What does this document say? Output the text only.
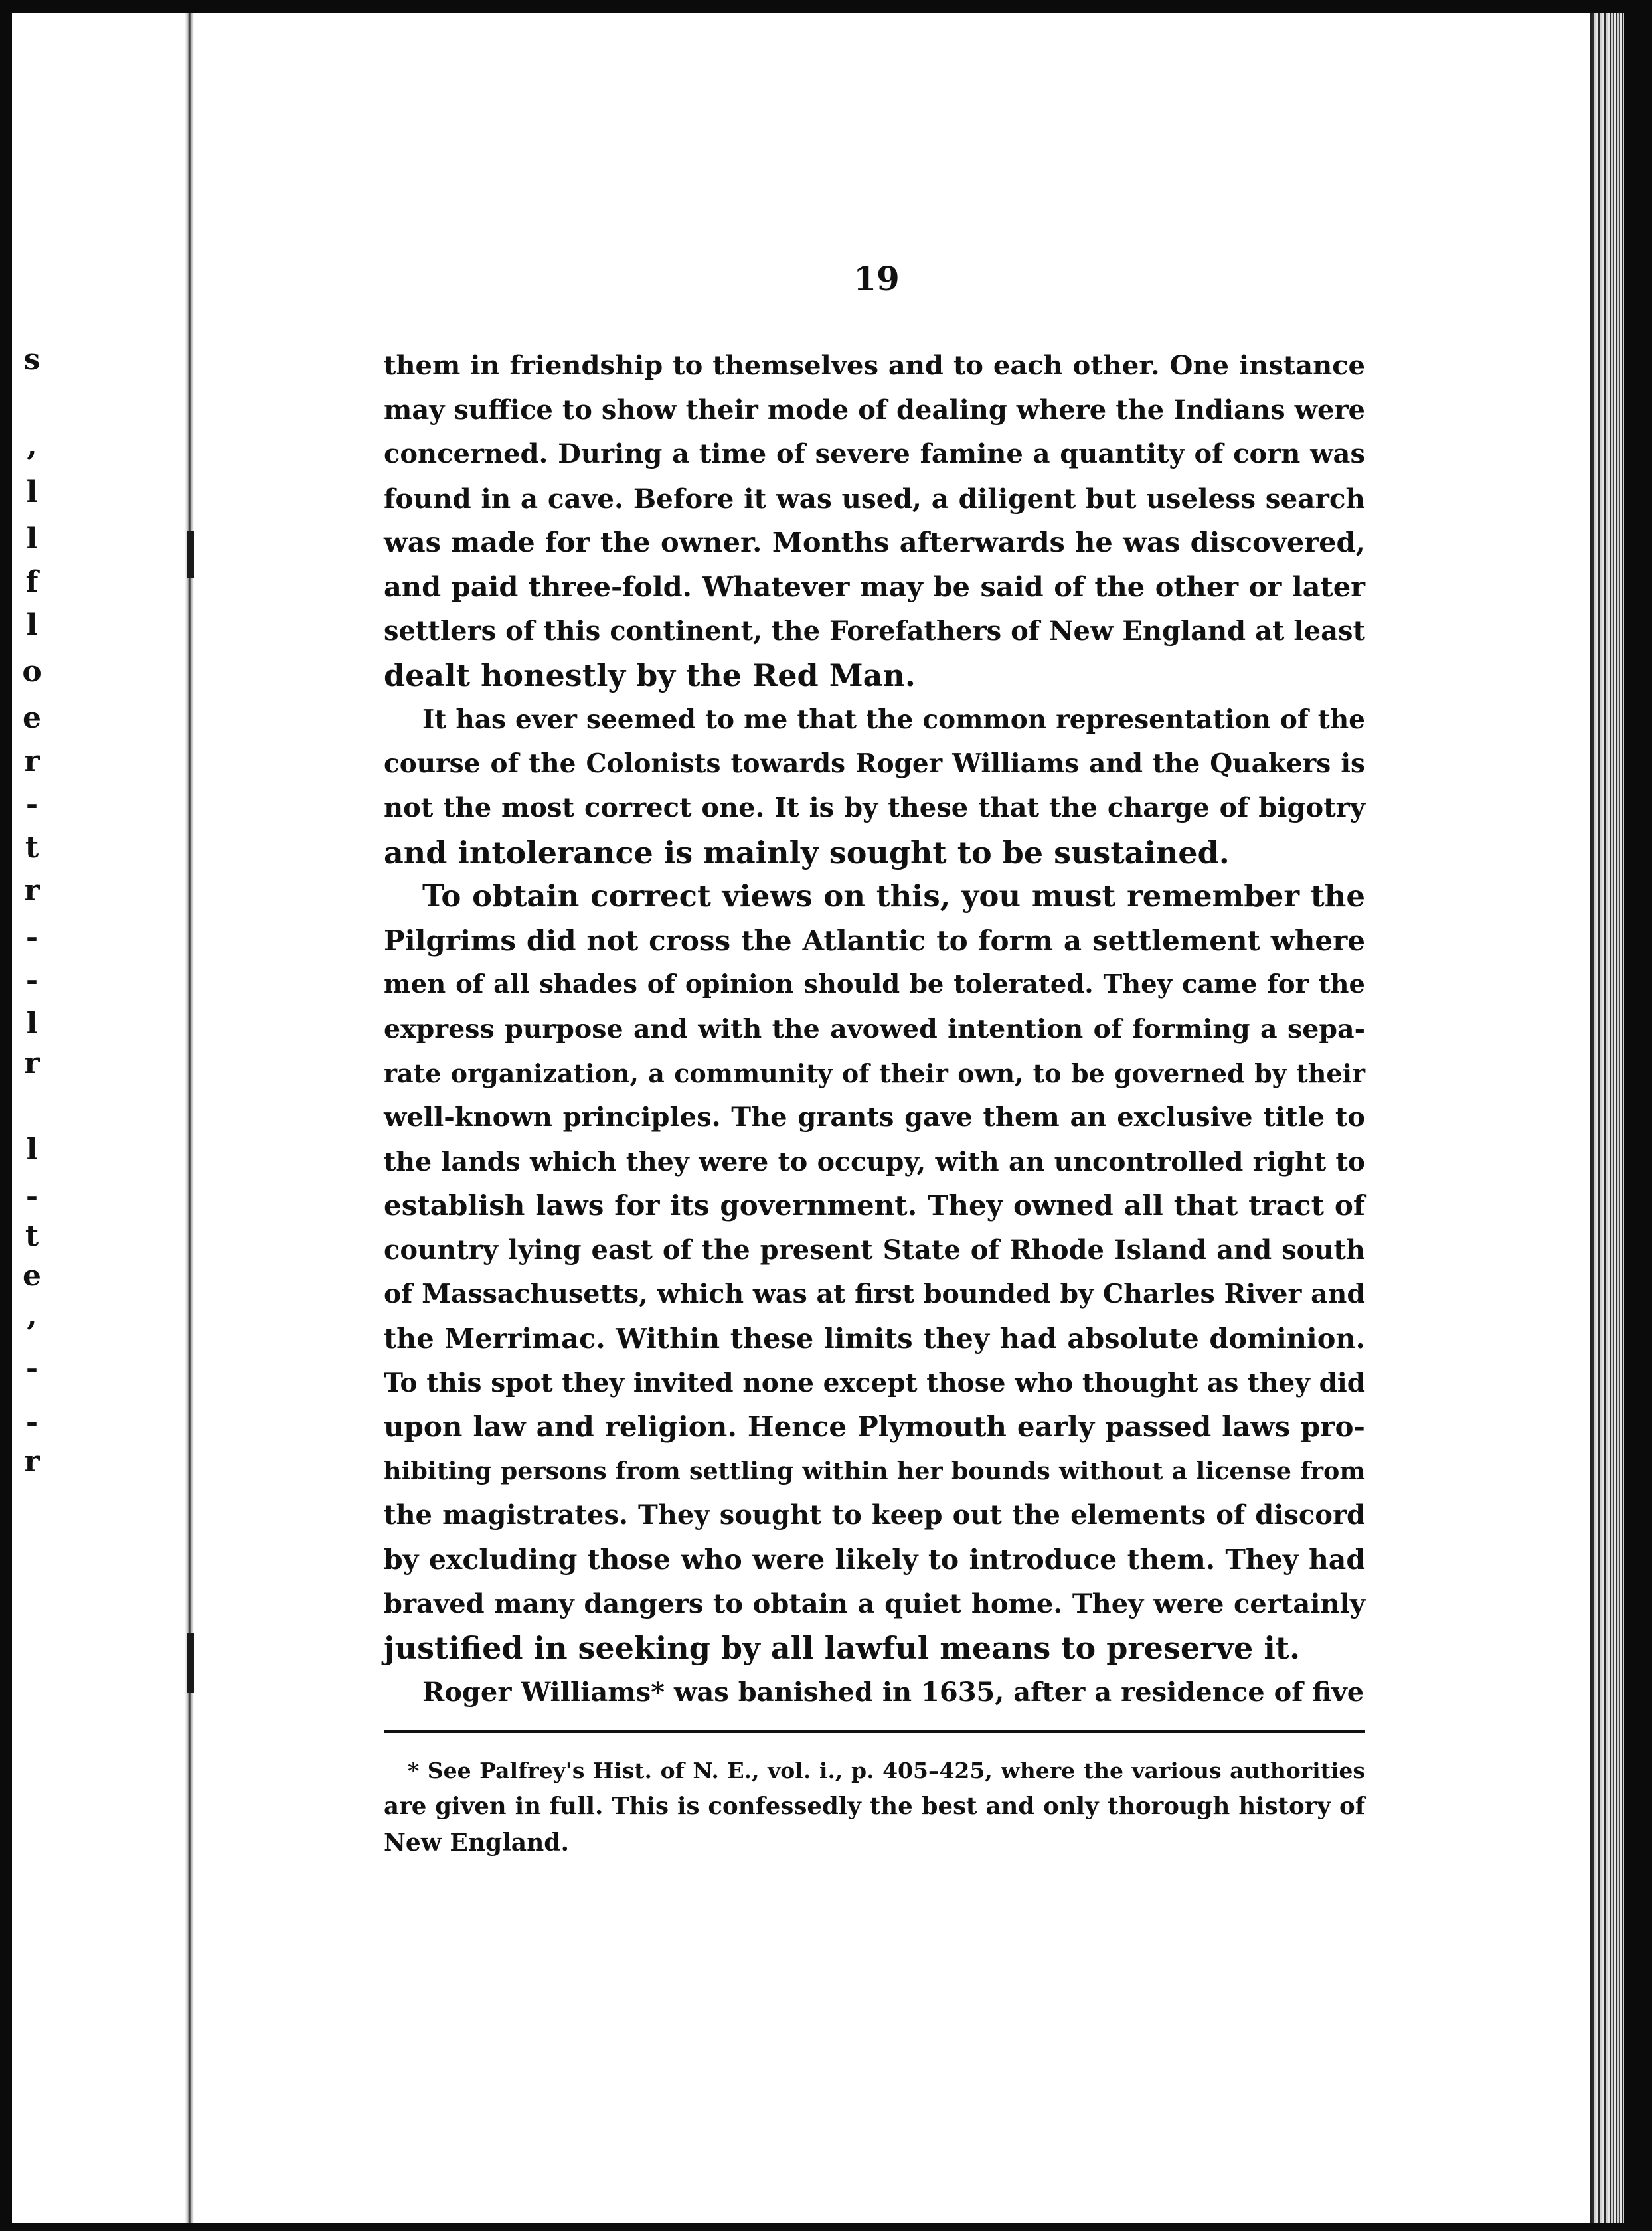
s
,
l
l
f
l
o
e
r
-
t
r
-
-
l
r
l
-
t
e
,
-
-
r
19
them in friendship to themselves and to each other. One instance
may suffice to show their mode of dealing where the Indians were
concerned. During a time of severe famine a quantity of corn was
found in a cave. Before it was used, a diligent but useless search
was made for the owner. Months afterwards he was discovered,
and paid three-fold. Whatever may be said of the other or later
settlers of this continent, the Forefathers of New England at least
dealt honestly by the Red Man.
It has ever seemed to me that the common representation of the
course of the Colonists towards Roger Williams and the Quakers is
not the most correct one. It is by these that the charge of bigotry
and intolerance is mainly sought to be sustained.
To obtain correct views on this, you must remember the
Pilgrims did not cross the Atlantic to form a settlement where
men of all shades of opinion should be tolerated. They came for the
express purpose and with the avowed intention of forming a sepa-
rate organization, a community of their own, to be governed by their
well-known principles. The grants gave them an exclusive title to
the lands which they were to occupy, with an uncontrolled right to
establish laws for its government. They owned all that tract of
country lying east of the present State of Rhode Island and south
of Massachusetts, which was at first bounded by Charles River and
the Merrimac. Within these limits they had absolute dominion.
To this spot they invited none except those who thought as they did
upon law and religion. Hence Plymouth early passed laws pro-
hibiting persons from settling within her bounds without a license from
the magistrates. They sought to keep out the elements of discord
by excluding those who were likely to introduce them. They had
braved many dangers to obtain a quiet home. They were certainly
justified in seeking by all lawful means to preserve it.
Roger Williams* was banished in 1635, after a residence of five
* See Palfrey's Hist. of N. E., vol. i., p. 405–425, where the various authorities
are given in full. This is confessedly the best and only thorough history of
New England.
